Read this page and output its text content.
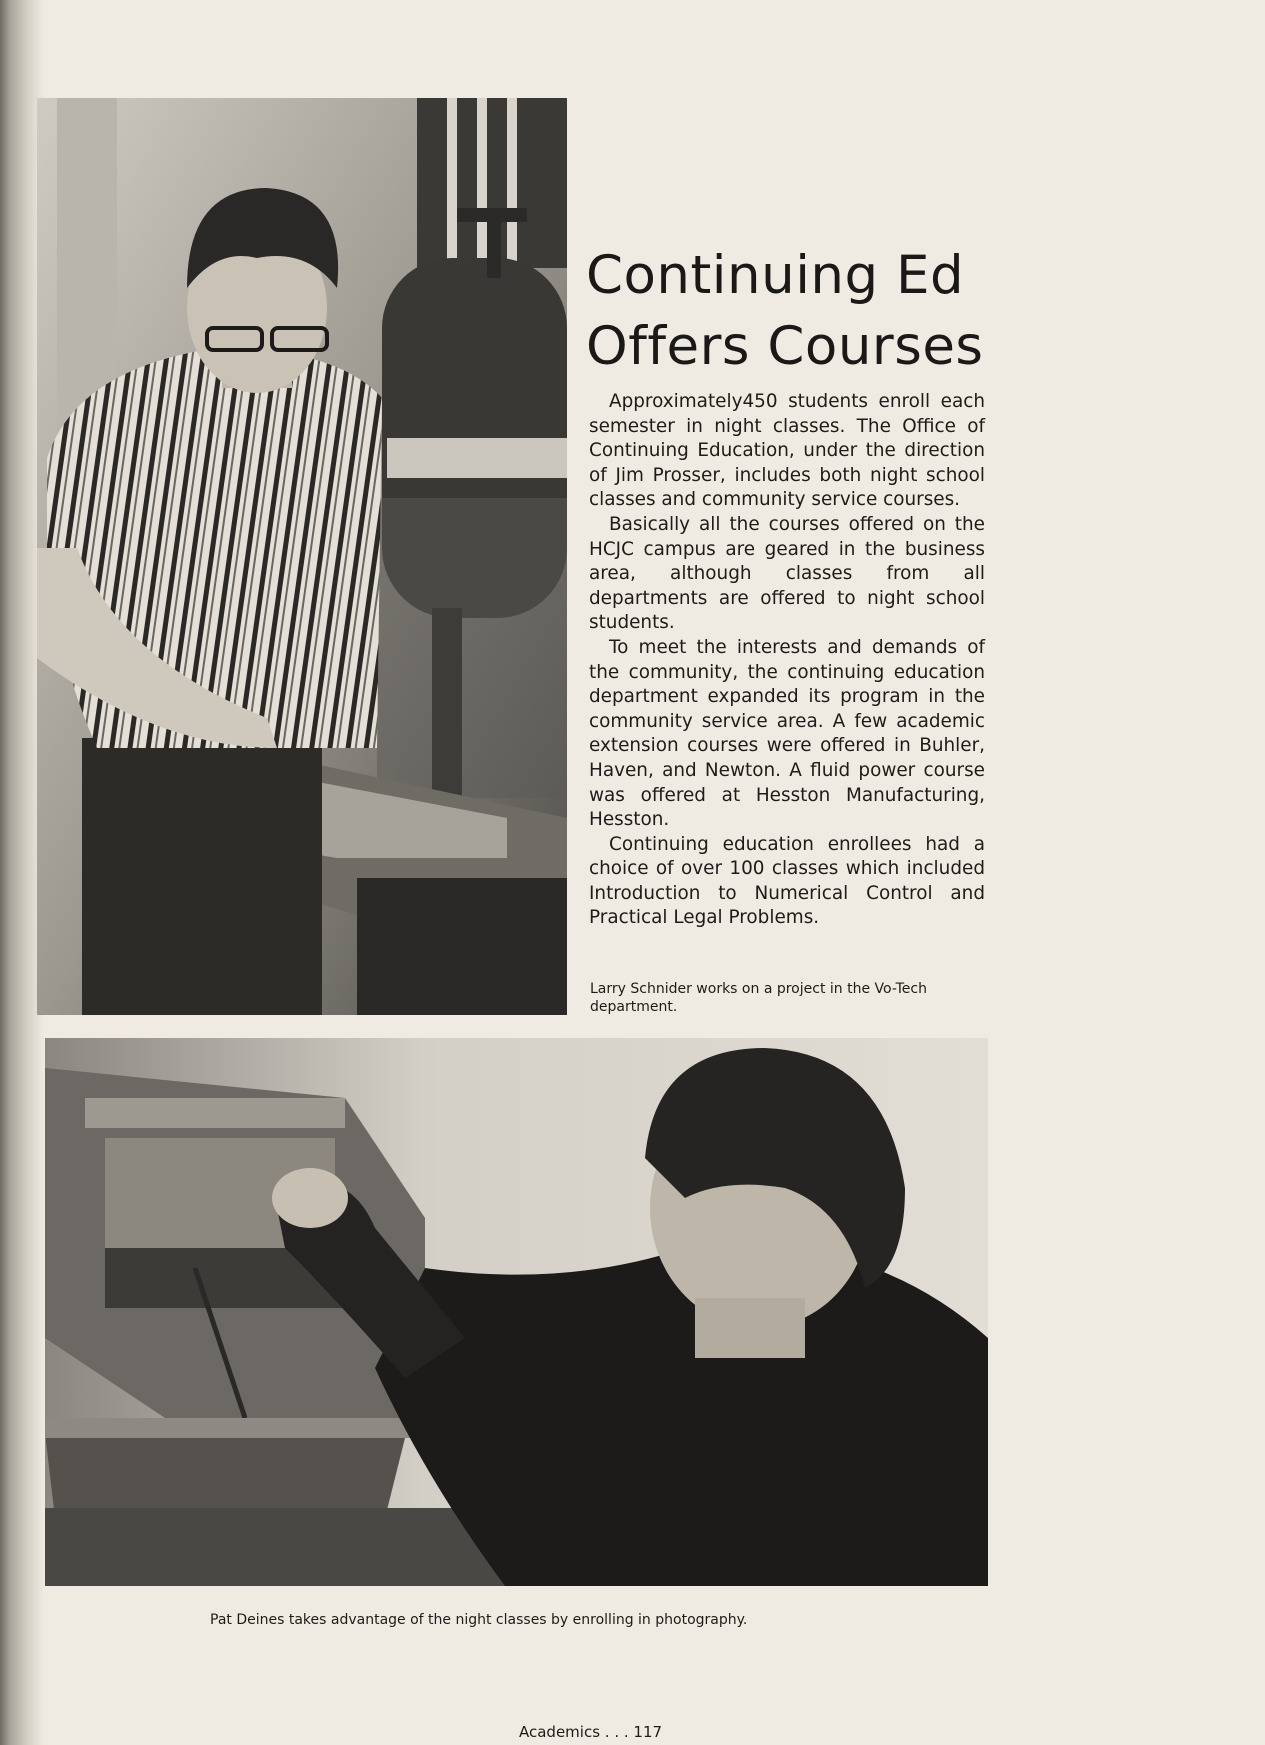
Continuing Ed
Offers Courses

Approximately450 students enroll each semester in night classes. The Office of Continuing Education, under the direction of Jim Prosser, includes both night school classes and community service courses.

Basically all the courses offered on the HCJC campus are geared in the business area, although classes from all departments are offered to night school students.

To meet the interests and demands of the community, the continuing education department expanded its program in the community service area. A few academic extension courses were offered in Buhler, Haven, and Newton. A fluid power course was offered at Hesston Manufacturing, Hesston.

Continuing education enrollees had a choice of over 100 classes which included Introduction to Numerical Control and Practical Legal Problems.

Larry Schnider works on a project in the Vo-Tech department.
Pat Deines takes advantage of the night classes by enrolling in photography.
Academics . . . 117
